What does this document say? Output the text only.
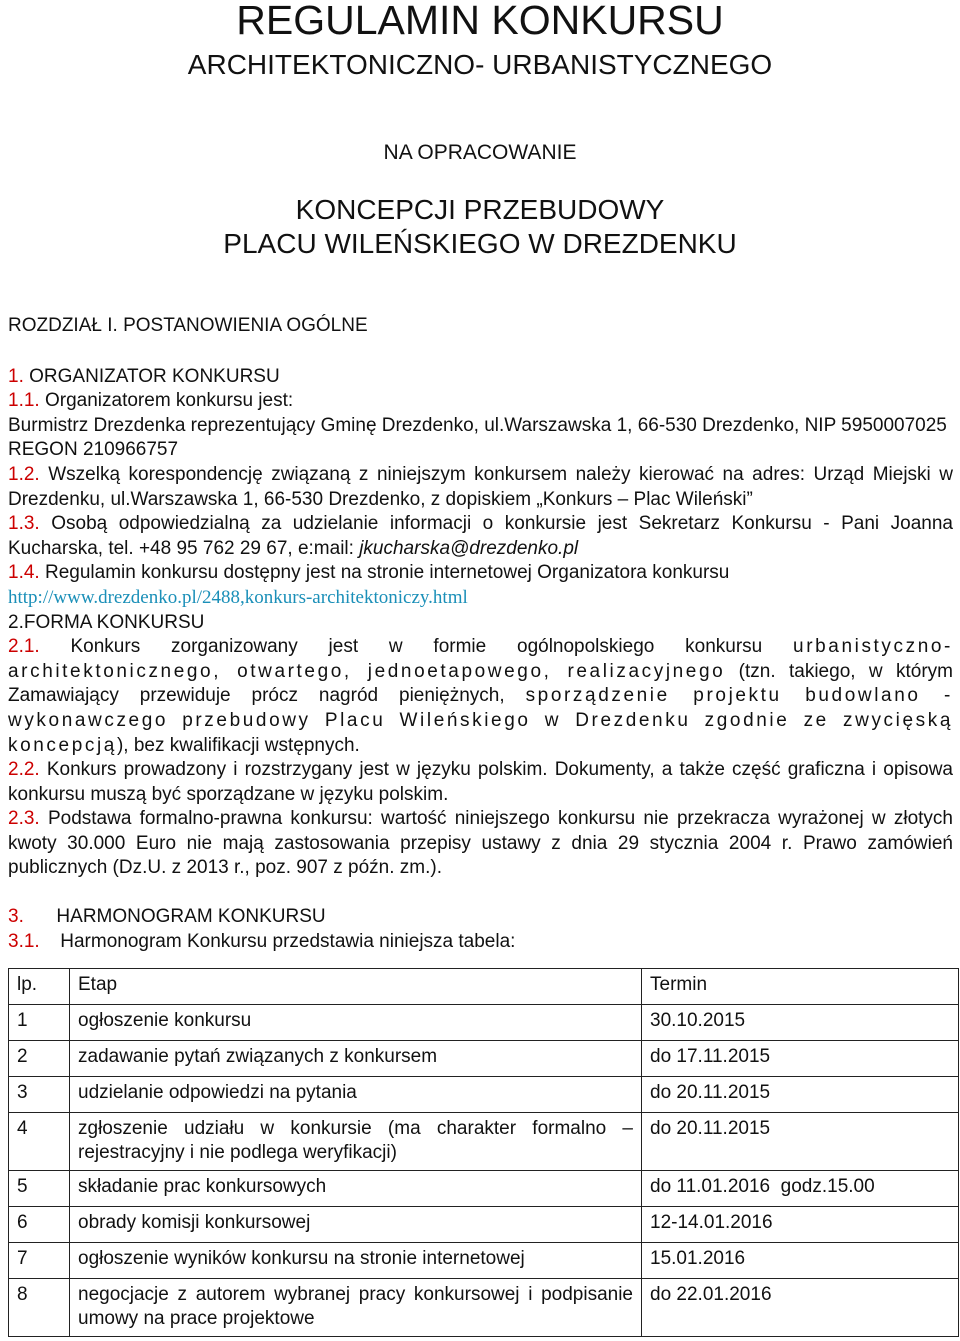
REGULAMIN KONKURSU
ARCHITEKTONICZNO- URBANISTYCZNEGO
NA OPRACOWANIE
KONCEPCJI PRZEBUDOWY
PLACU WILEŃSKIEGO W DREZDENKU

ROZDZIAŁ I. POSTANOWIENIA OGÓLNE

1. ORGANIZATOR KONKURSU

1.1. Organizatorem konkursu jest:

Burmistrz Drezdenka reprezentujący Gminę Drezdenko, ul.Warszawska 1, 66-530 Drezdenko, NIP 5950007025 REGON 210966757

1.2. Wszelką korespondencję związaną z niniejszym konkursem należy kierować na adres: Urząd Miejski w Drezdenku, ul.Warszawska 1, 66-530 Drezdenko, z dopiskiem „Konkurs – Plac Wileński”

1.3. Osobą odpowiedzialną za udzielanie informacji o konkursie jest Sekretarz Konkursu - Pani Joanna Kucharska, tel. +48 95 762 29 67, e:mail: jkucharska@drezdenko.pl

1.4. Regulamin konkursu dostępny jest na stronie internetowej Organizatora konkursu
http://www.drezdenko.pl/2488,konkurs-architektoniczy.html

2.FORMA KONKURSU

2.1. Konkurs zorganizowany jest w formie ogólnopolskiego konkursu urbanistyczno-architektonicznego, otwartego, jednoetapowego, realizacyjnego (tzn. takiego, w którym Zamawiający przewiduje prócz nagród pieniężnych, sporządzenie projektu budowlano - wykonawczego przebudowy Placu Wileńskiego w Drezdenku zgodnie ze zwycięską koncepcją), bez kwalifikacji wstępnych.

2.2. Konkurs prowadzony i rozstrzygany jest w języku polskim. Dokumenty, a także część graficzna i opisowa konkursu muszą być sporządzane w języku polskim.

2.3. Podstawa formalno-prawna konkursu: wartość niniejszego konkursu nie przekracza wyrażonej w złotych kwoty 30.000 Euro nie mają zastosowania przepisy ustawy z dnia 29 stycznia 2004 r. Prawo zamówień publicznych (Dz.U. z 2013 r., poz. 907 z późn. zm.).

3. HARMONOGRAM KONKURSU

3.1. Harmonogram Konkursu przedstawia niniejsza tabela:

lp.	Etap	Termin
1	ogłoszenie konkursu	30.10.2015
2	zadawanie pytań związanych z konkursem	do 17.11.2015
3	udzielanie odpowiedzi na pytania	do 20.11.2015
4	zgłoszenie udziału w konkursie (ma charakter formalno – rejestracyjny i nie podlega weryfikacji)	do 20.11.2015
5	składanie prac konkursowych	do 11.01.2016  godz.15.00
6	obrady komisji konkursowej	12-14.01.2016
7	ogłoszenie wyników konkursu na stronie internetowej	15.01.2016
8	negocjacje z autorem wybranej pracy konkursowej i podpisanie umowy na prace projektowe	do 22.01.2016
